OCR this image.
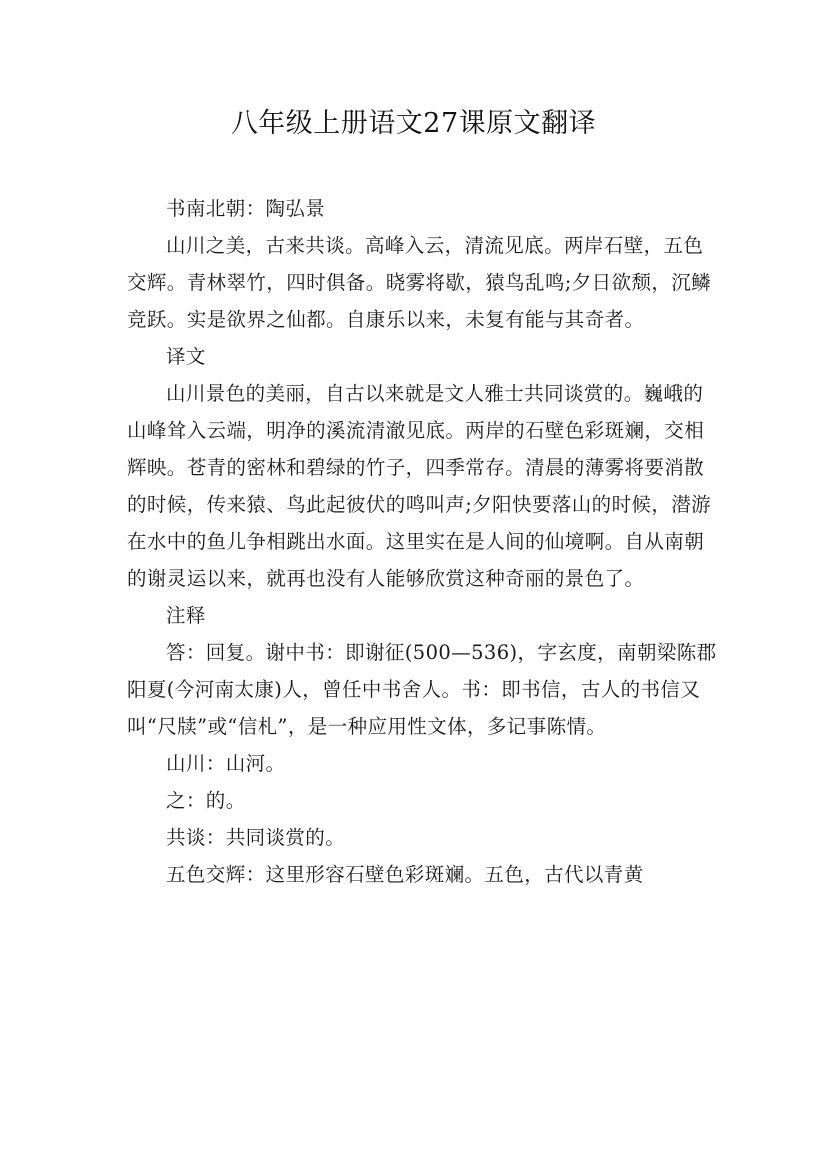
八年级上册语文27课原文翻译

书南北朝：陶弘景

山川之美，古来共谈。高峰入云，清流见底。两岸石壁，五色交辉。青林翠竹，四时俱备。晓雾将歇，猿鸟乱鸣;夕日欲颓，沉鳞竞跃。实是欲界之仙都。自康乐以来，未复有能与其奇者。

译文

山川景色的美丽，自古以来就是文人雅士共同谈赏的。巍峨的山峰耸入云端，明净的溪流清澈见底。两岸的石壁色彩斑斓，交相辉映。苍青的密林和碧绿的竹子，四季常存。清晨的薄雾将要消散的时候，传来猿、鸟此起彼伏的鸣叫声;夕阳快要落山的时候，潜游在水中的鱼儿争相跳出水面。这里实在是人间的仙境啊。自从南朝的谢灵运以来，就再也没有人能够欣赏这种奇丽的景色了。

注释

答：回复。谢中书：即谢征(500—536)，字玄度，南朝梁陈郡阳夏(今河南太康)人，曾任中书舍人。书：即书信，古人的书信又叫“尺牍”或“信札”，是一种应用性文体，多记事陈情。

山川：山河。

之：的。

共谈：共同谈赏的。

五色交辉：这里形容石壁色彩斑斓。五色，古代以青黄
